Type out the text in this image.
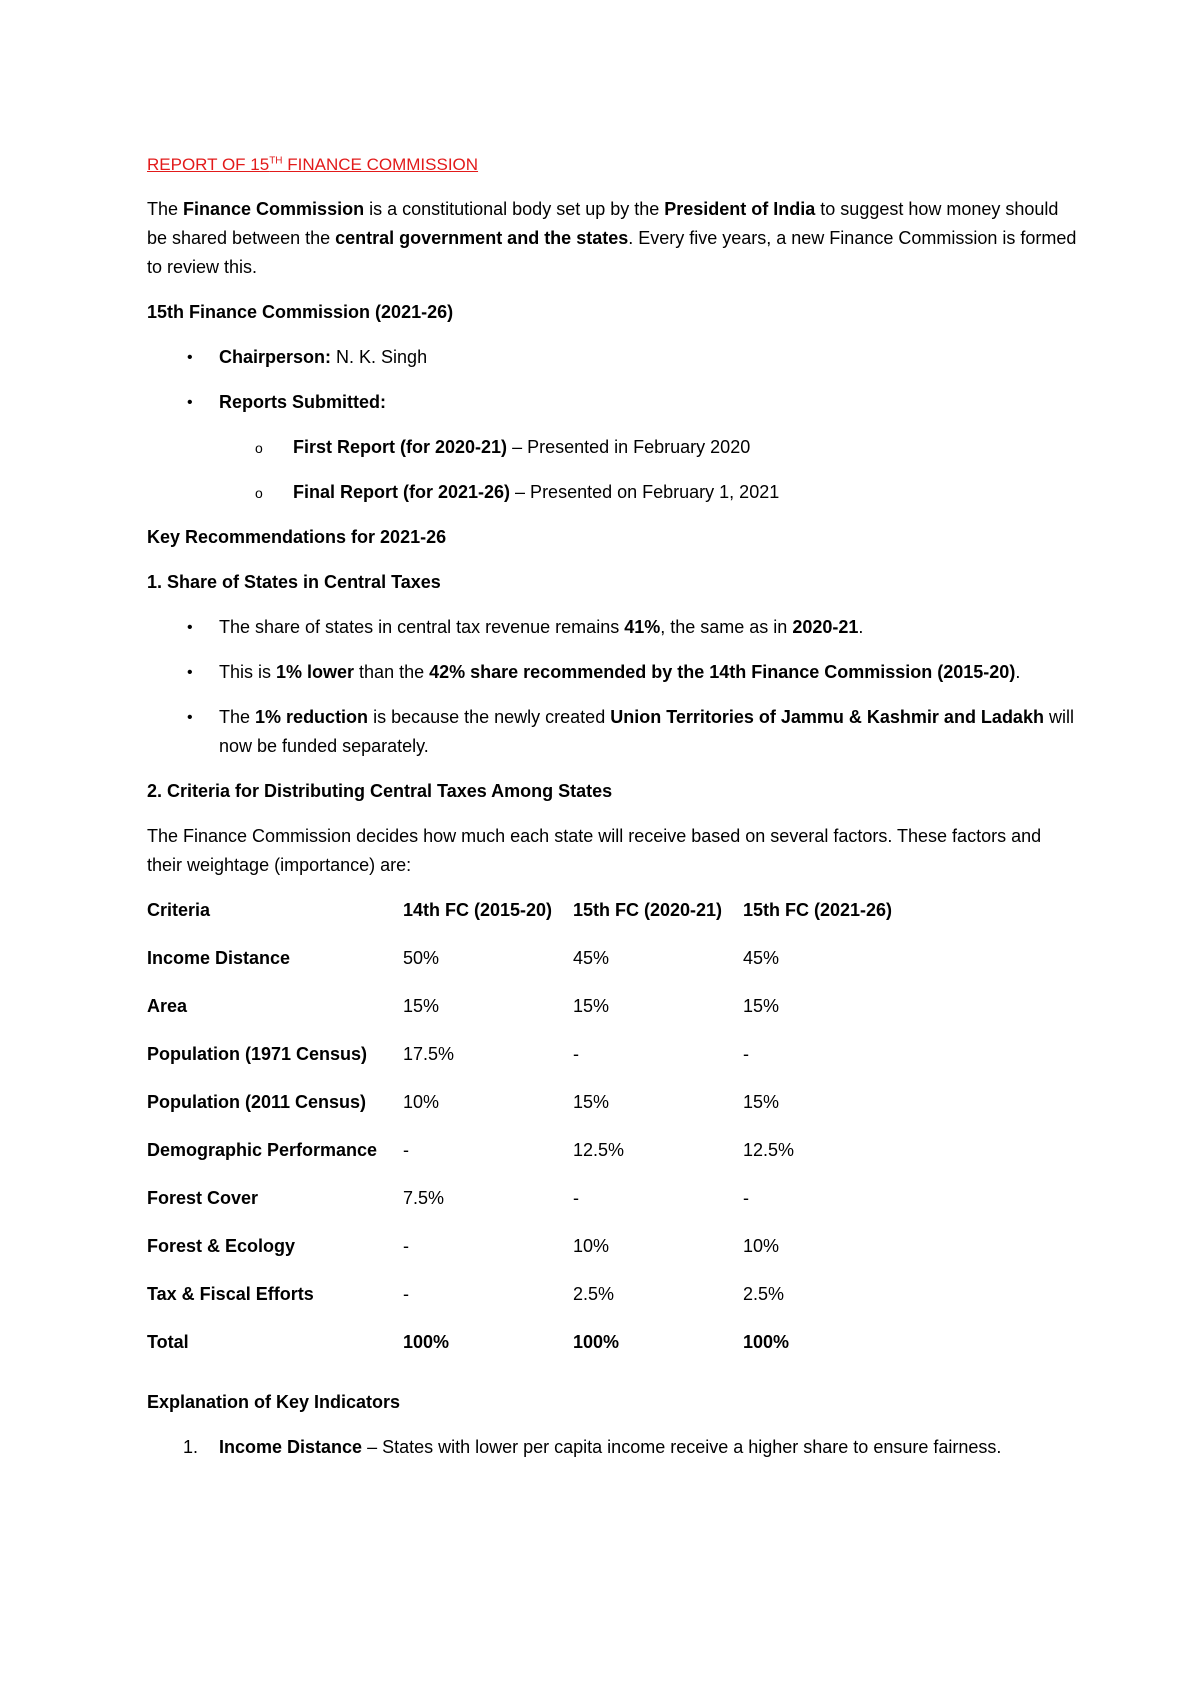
REPORT OF 15TH FINANCE COMMISSION

The Finance Commission is a constitutional body set up by the President of India to suggest how money should be shared between the central government and the states. Every five years, a new Finance Commission is formed to review this.

15th Finance Commission (2021-26)
• Chairperson: N. K. Singh
• Reports Submitted:
o First Report (for 2020-21) – Presented in February 2020
o Final Report (for 2021-26) – Presented on February 1, 2021
Key Recommendations for 2021-26
1. Share of States in Central Taxes
• The share of states in central tax revenue remains 41%, the same as in 2020-21.
• This is 1% lower than the 42% share recommended by the 14th Finance Commission (2015-20).
• The 1% reduction is because the newly created Union Territories of Jammu & Kashmir and Ladakh will now be funded separately.
2. Criteria for Distributing Central Taxes Among States

The Finance Commission decides how much each state will receive based on several factors. These factors and their weightage (importance) are:

Criteria	14th FC (2015-20)	15th FC (2020-21)	15th FC (2021-26)
Income Distance	50%	45%	45%
Area	15%	15%	15%
Population (1971 Census)	17.5%	-	-
Population (2011 Census)	10%	15%	15%
Demographic Performance	-	12.5%	12.5%
Forest Cover	7.5%	-	-
Forest & Ecology	-	10%	10%
Tax & Fiscal Efforts	-	2.5%	2.5%
Total	100%	100%	100%
Explanation of Key Indicators
1. Income Distance – States with lower per capita income receive a higher share to ensure fairness.
